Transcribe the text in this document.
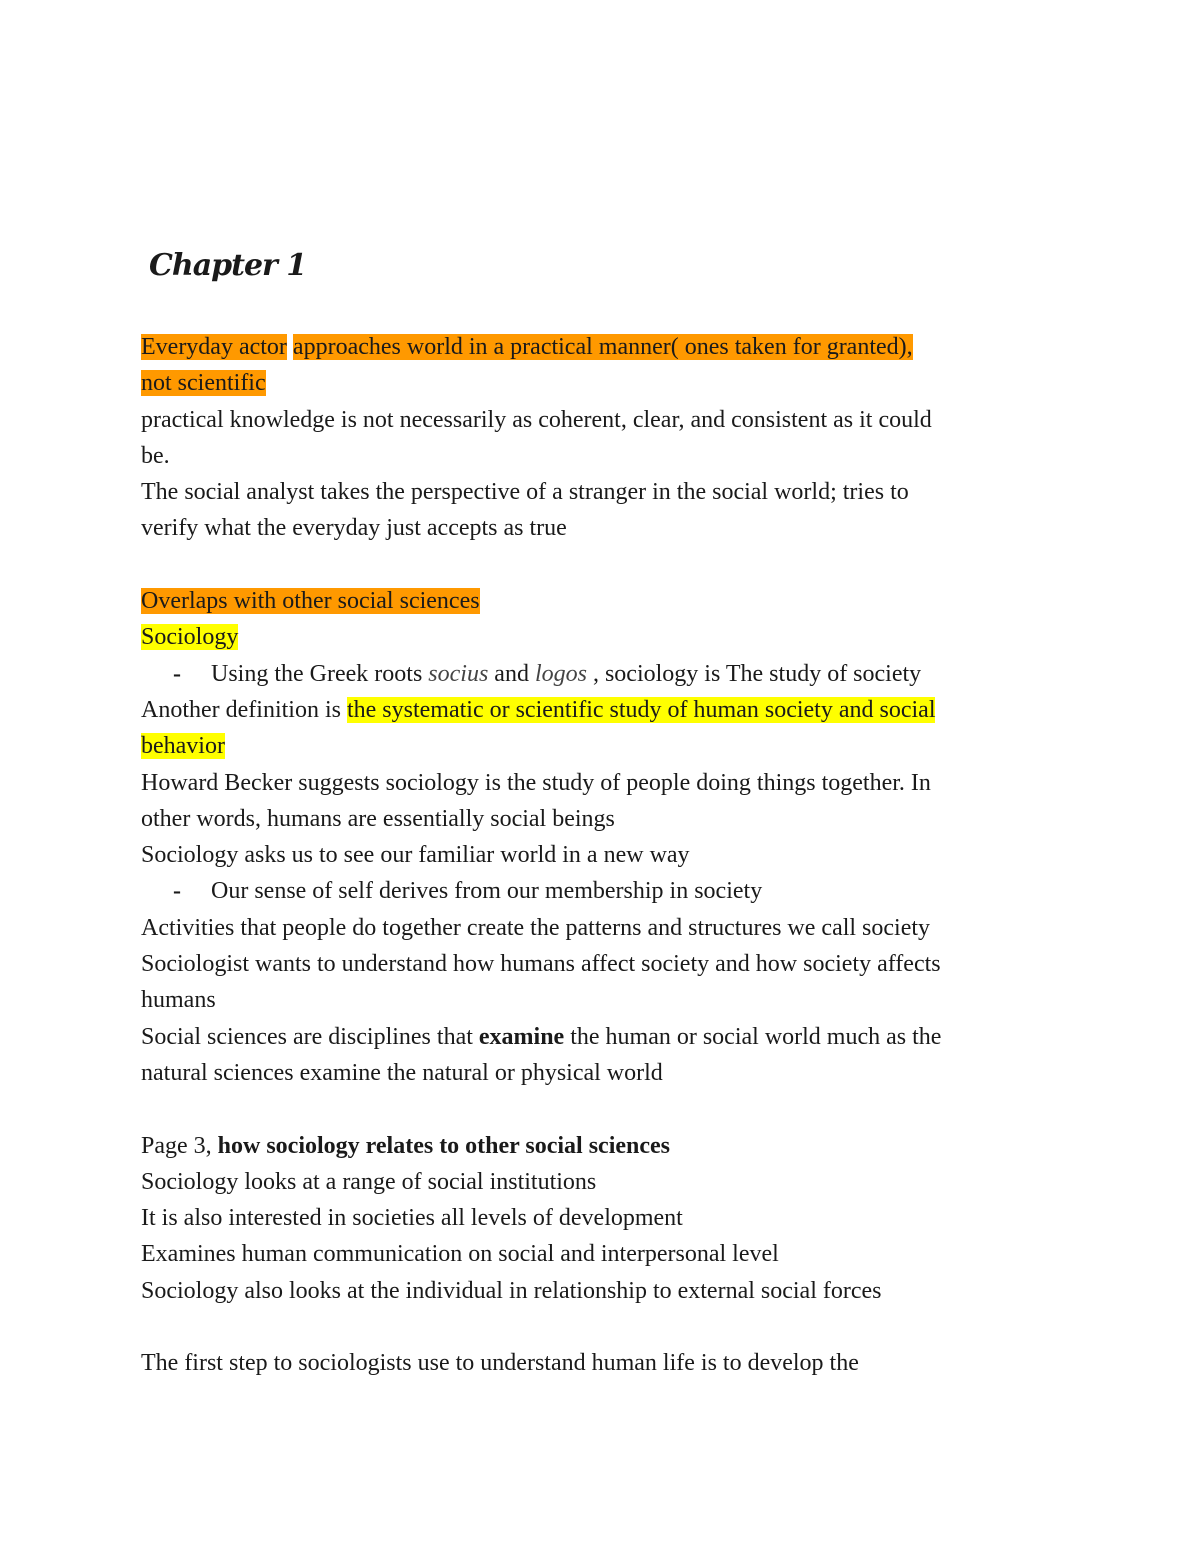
Chapter 1
Everyday actor approaches world in a practical manner( ones taken for granted),
not scientific
practical knowledge is not necessarily as coherent, clear, and consistent as it could
be.
The social analyst takes the perspective of a stranger in the social world; tries to
verify what the everyday just accepts as true
Overlaps with other social sciences
Sociology
- Using the Greek roots socius and logos , sociology is The study of society
Another definition is the systematic or scientific study of human society and social
behavior
Howard Becker suggests sociology is the study of people doing things together. In
other words, humans are essentially social beings
Sociology asks us to see our familiar world in a new way
- Our sense of self derives from our membership in society
Activities that people do together create the patterns and structures we call society
Sociologist wants to understand how humans affect society and how society affects
humans
Social sciences are disciplines that examine the human or social world much as the
natural sciences examine the natural or physical world
Page 3, how sociology relates to other social sciences
Sociology looks at a range of social institutions
It is also interested in societies all levels of development
Examines human communication on social and interpersonal level
Sociology also looks at the individual in relationship to external social forces
The first step to sociologists use to understand human life is to develop the
